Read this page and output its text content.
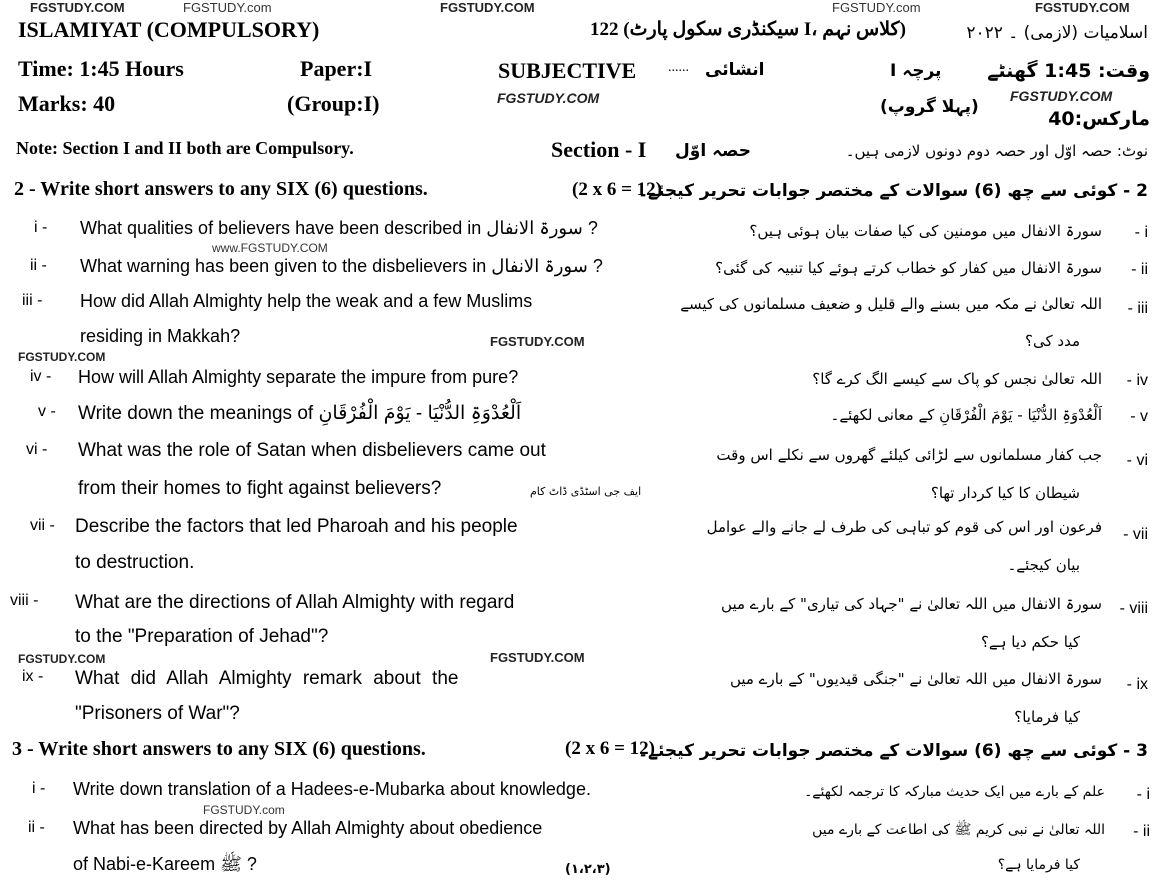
FGSTUDY.COM	FGSTUDY.com	FGSTUDY.COM	FGSTUDY.com	FGSTUDY.COM
ISLAMIYAT (COMPULSORY)	122 (سیکنڈری سکول پارٹ I، کلاس نہم)	اسلامیات (لازمی) ۔ ۲۰۲۲
Time: 1:45 Hours	Paper:I	SUBJECTIVE ...... انشائی	پرچہ I وقت: 1:45 گھنٹے
Marks: 40	(Group:I)	FGSTUDY.COM	FGSTUDY.COM
(پہلا گروپ)
مارکس:40
Note: Section I and II both are Compulsory.	Section - I حصہ اوّل	نوٹ: حصہ اوّل اور حصہ دوم دونوں لازمی ہیں۔
2 - Write short answers to any SIX (6) questions.	(2 x 6 = 12)
2 - کوئی سے چھ (6) سوالات کے مختصر جوابات تحریر کیجئے۔
www.FGSTUDY.COM
i - What qualities of believers have been described in سورۃ الانفال ?	سورۃ الانفال میں مومنین کی کیا صفات بیان ہوئی ہیں؟ - i
ii - What warning has been given to the disbelievers in سورۃ الانفال ?	سورۃ الانفال میں کفار کو خطاب کرتے ہوئے کیا تنبیہ کی گئی؟ - ii
iii - How did Allah Almighty help the weak and a few Muslims
residing in Makkah?
FGSTUDY.COM
FGSTUDY.COM
اللہ تعالیٰ نے مکہ میں بسنے والے قلیل و ضعیف مسلمانوں کی کیسے
مدد کی؟
- iii
iv - How will Allah Almighty separate the impure from pure?	اللہ تعالیٰ نجس کو پاک سے کیسے الگ کرے گا؟ - iv
v - Write down the meanings of اَلْعُدْوَۃِ الدُّنْیَا - یَوْمَ الْفُرْقَانِ	اَلْعُدْوَۃِ الدُّنْیَا - یَوْمَ الْفُرْقَانِ کے معانی لکھئے۔ - v
vi - What was the role of Satan when disbelievers came out
from their homes to fight against believers?	ایف جی اسٹڈی ڈاٹ کام
جب کفار مسلمانوں سے لڑائی کیلئے گھروں سے نکلے اس وقت
شیطان کا کیا کردار تھا؟
- vi
vii - Describe the factors that led Pharoah and his people
to destruction.
فرعون اور اس کی قوم کو تباہی کی طرف لے جانے والے عوامل
بیان کیجئے۔
- vii
viii - What are the directions of Allah Almighty with regard
to the "Preparation of Jehad"?
FGSTUDY.COM	FGSTUDY.COM
سورۃ الانفال میں اللہ تعالیٰ نے "جہاد کی تیاری" کے بارے میں
کیا حکم دیا ہے؟
- viii
ix - What did Allah Almighty remark about the
"Prisoners of War"?
سورۃ الانفال میں اللہ تعالیٰ نے "جنگی قیدیوں" کے بارے میں
کیا فرمایا؟
- ix
3 - Write short answers to any SIX (6) questions.	(2 x 6 = 12)
3 - کوئی سے چھ (6) سوالات کے مختصر جوابات تحریر کیجئے۔
i - Write down translation of a Hadees-e-Mubarka about knowledge.
FGSTUDY.com
علم کے بارے میں ایک حدیث مبارکہ کا ترجمہ لکھئے۔ - i
ii - What has been directed by Allah Almighty about obedience
of Nabi-e-Kareem ﷺ ?
اللہ تعالیٰ نے نبی کریم ﷺ کی اطاعت کے بارے میں
کیا فرمایا ہے؟
- ii
(۱،۲،۳)
